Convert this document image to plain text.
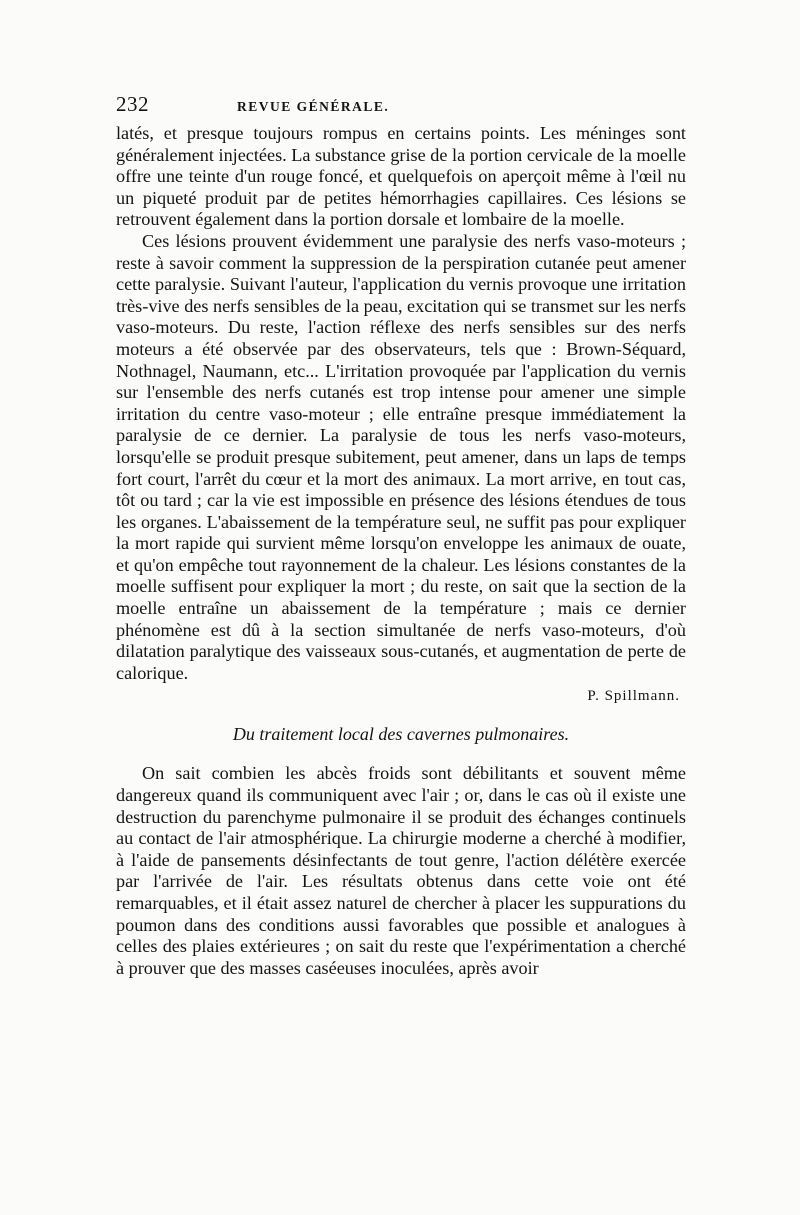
232	REVUE GÉNÉRALE.

latés, et presque toujours rompus en certains points. Les méninges sont généralement injectées. La substance grise de la portion cervicale de la moelle offre une teinte d'un rouge foncé, et quelquefois on aperçoit même à l'œil nu un piqueté produit par de petites hémorrhagies capillaires. Ces lésions se retrouvent également dans la portion dorsale et lombaire de la moelle.

Ces lésions prouvent évidemment une paralysie des nerfs vaso-moteurs ; reste à savoir comment la suppression de la perspiration cutanée peut amener cette paralysie. Suivant l'auteur, l'application du vernis provoque une irritation très-vive des nerfs sensibles de la peau, excitation qui se transmet sur les nerfs vaso-moteurs. Du reste, l'action réflexe des nerfs sensibles sur des nerfs moteurs a été observée par des observateurs, tels que : Brown-Séquard, Nothnagel, Naumann, etc... L'irritation provoquée par l'application du vernis sur l'ensemble des nerfs cutanés est trop intense pour amener une simple irritation du centre vaso-moteur ; elle entraîne presque immédiatement la paralysie de ce dernier. La paralysie de tous les nerfs vaso-moteurs, lorsqu'elle se produit presque subitement, peut amener, dans un laps de temps fort court, l'arrêt du cœur et la mort des animaux. La mort arrive, en tout cas, tôt ou tard ; car la vie est impossible en présence des lésions étendues de tous les organes. L'abaissement de la température seul, ne suffit pas pour expliquer la mort rapide qui survient même lorsqu'on enveloppe les animaux de ouate, et qu'on empêche tout rayonnement de la chaleur. Les lésions constantes de la moelle suffisent pour expliquer la mort ; du reste, on sait que la section de la moelle entraîne un abaissement de la température ; mais ce dernier phénomène est dû à la section simultanée de nerfs vaso-moteurs, d'où dilatation paralytique des vaisseaux sous-cutanés, et augmentation de perte de calorique.

P. Spillmann.
Du traitement local des cavernes pulmonaires.

On sait combien les abcès froids sont débilitants et souvent même dangereux quand ils communiquent avec l'air ; or, dans le cas où il existe une destruction du parenchyme pulmonaire il se produit des échanges continuels au contact de l'air atmosphérique. La chirurgie moderne a cherché à modifier, à l'aide de pansements désinfectants de tout genre, l'action délétère exercée par l'arrivée de l'air. Les résultats obtenus dans cette voie ont été remarquables, et il était assez naturel de chercher à placer les suppurations du poumon dans des conditions aussi favorables que possible et analogues à celles des plaies extérieures ; on sait du reste que l'expérimentation a cherché à prouver que des masses caséeuses inoculées, après avoir
